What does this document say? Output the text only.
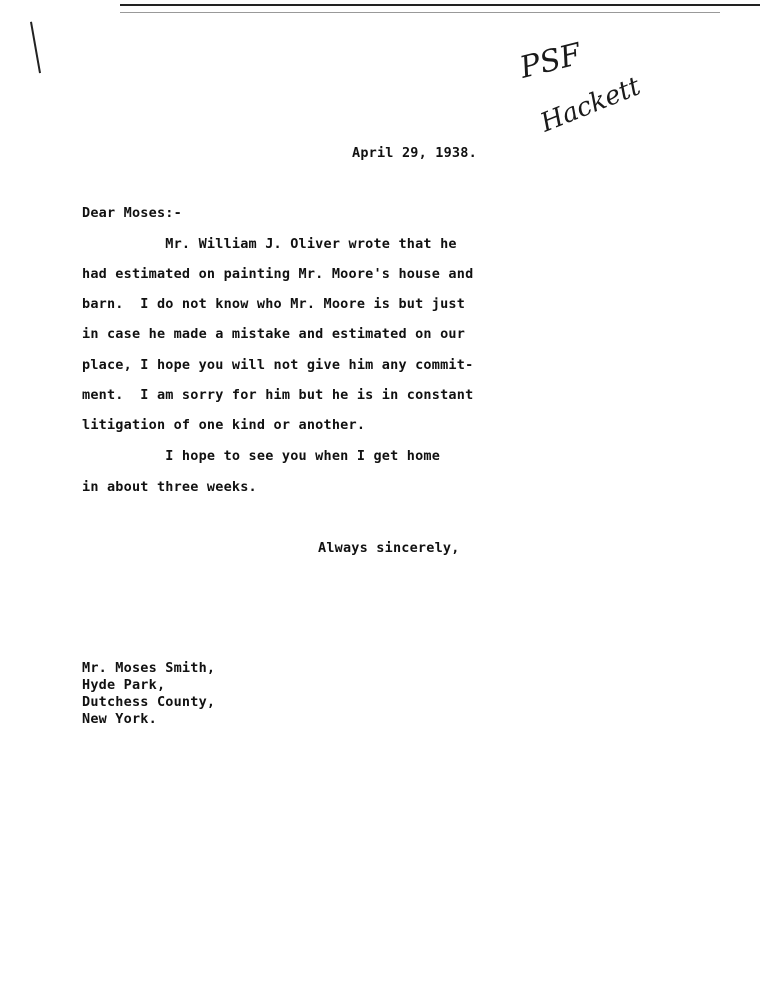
PSF
Hackett
April 29, 1938.
Dear Moses:-
Mr. William J. Oliver wrote that he
had estimated on painting Mr. Moore's house and
barn.  I do not know who Mr. Moore is but just
in case he made a mistake and estimated on our
place, I hope you will not give him any commit-
ment.  I am sorry for him but he is in constant
litigation of one kind or another.
I hope to see you when I get home
in about three weeks.
Always sincerely,
Mr. Moses Smith,
Hyde Park,
Dutchess County,
New York.
